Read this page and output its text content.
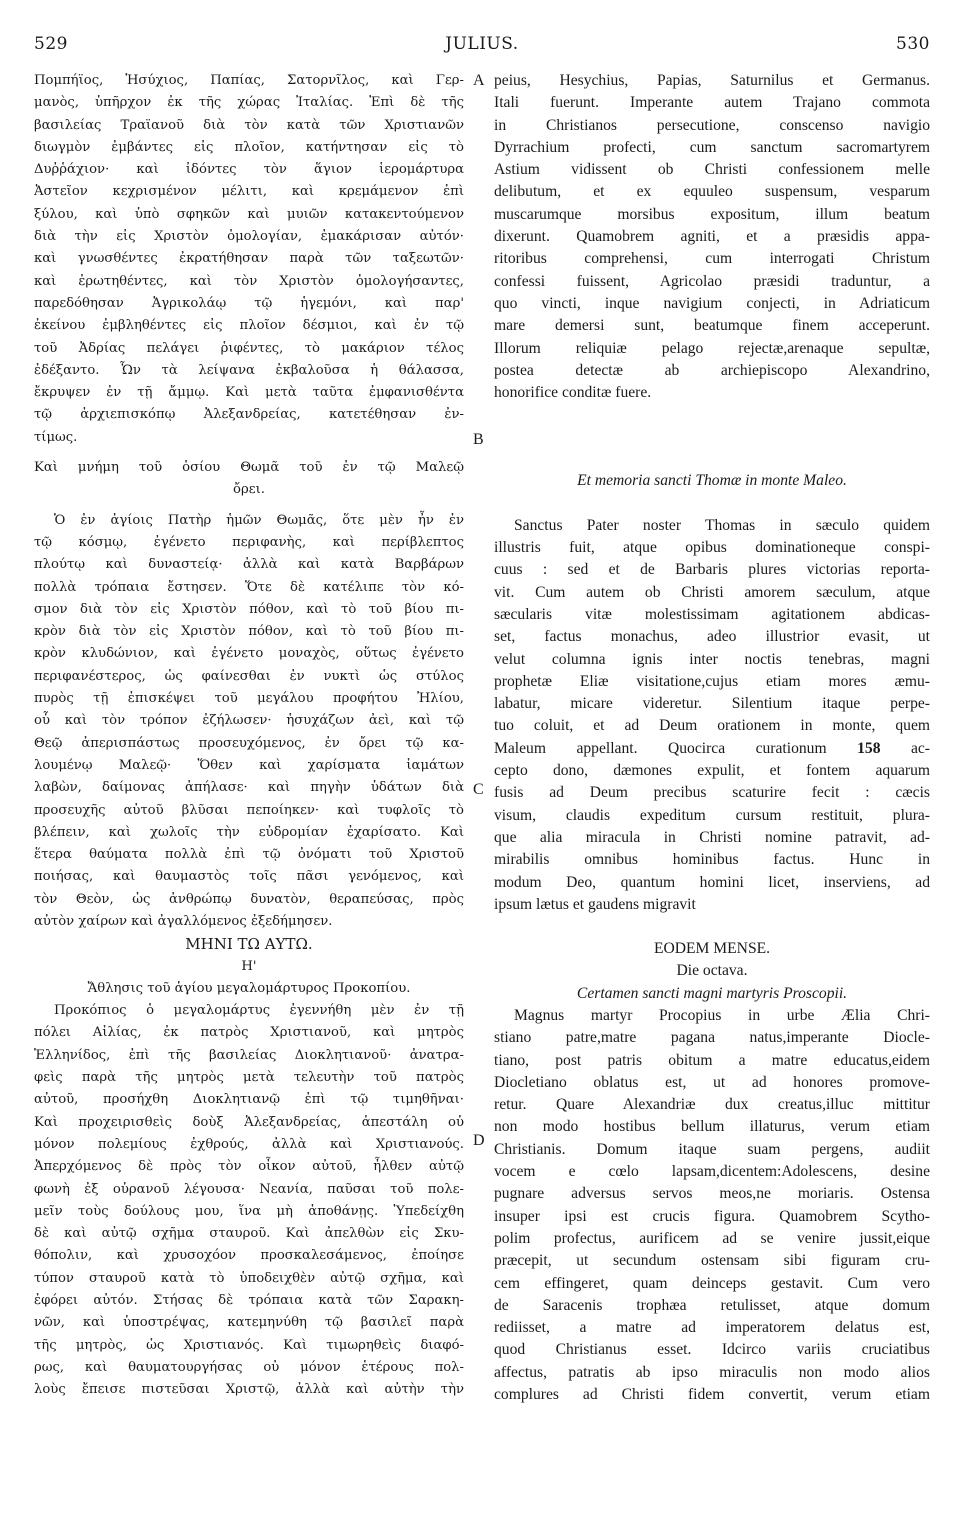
529	JULIUS.	530
A
B
C
D
Πομπήϊος, Ἡσύχιος, Παπίας, Σατορνῖλος, καὶ Γερ-
μανὸς, ὑπῆρχον ἐκ τῆς χώρας Ἰταλίας. Ἐπὶ δὲ τῆς
βασιλείας Τραϊανοῦ διὰ τὸν κατὰ τῶν Χριστιανῶν
διωγμὸν ἐμβάντες εἰς πλοῖον, κατήντησαν εἰς τὸ
Δυῤῥάχιον· καὶ ἰδόντες τὸν ἅγιον ἱερομάρτυρα
Ἀστεῖον κεχρισμένον μέλιτι, καὶ κρεμάμενον ἐπὶ
ξύλου, καὶ ὑπὸ σφηκῶν καὶ μυιῶν κατακεντούμενον
διὰ τὴν εἰς Χριστὸν ὁμολογίαν, ἐμακάρισαν αὐτόν·
καὶ γνωσθέντες ἐκρατήθησαν παρὰ τῶν ταξεωτῶν·
καὶ ἐρωτηθέντες, καὶ τὸν Χριστὸν ὁμολογήσαντες,
παρεδόθησαν Ἀγρικολάῳ τῷ ἡγεμόνι, καὶ παρ'
ἐκείνου ἐμβληθέντες εἰς πλοῖον δέσμιοι, καὶ ἐν τῷ
τοῦ Ἀδρίας πελάγει ῥιφέντες, τὸ μακάριον τέλος
ἐδέξαντο. Ὧν τὰ λείψανα ἐκβαλοῦσα ἡ θάλασσα,
ἔκρυψεν ἐν τῇ ἄμμῳ. Καὶ μετὰ ταῦτα ἐμφανισθέντα
τῷ ἀρχιεπισκόπῳ Ἀλεξανδρείας, κατετέθησαν ἐν-
τίμως.
Καὶ μνήμη τοῦ ὁσίου Θωμᾶ τοῦ ἐν τῷ Μαλεῷ
ὄρει.
Ὁ ἐν ἁγίοις Πατὴρ ἡμῶν Θωμᾶς, ὅτε μὲν ἦν ἐν
τῷ κόσμῳ, ἐγένετο περιφανὴς, καὶ περίβλεπτος
πλούτῳ καὶ δυναστείᾳ· ἀλλὰ καὶ κατὰ Βαρβάρων
πολλὰ τρόπαια ἔστησεν. Ὅτε δὲ κατέλιπε τὸν κό-
σμον διὰ τὸν εἰς Χριστὸν πόθον, καὶ τὸ τοῦ βίου πι-
κρὸν διὰ τὸν εἰς Χριστὸν πόθον, καὶ τὸ τοῦ βίου πι-
κρὸν κλυδώνιον, καὶ ἐγένετο μοναχὸς, οὕτως ἐγένετο
περιφανέστερος, ὡς φαίνεσθαι ἐν νυκτὶ ὡς στύλος
πυρὸς τῇ ἐπισκέψει τοῦ μεγάλου προφήτου Ἠλίου,
οὗ καὶ τὸν τρόπον ἐζήλωσεν· ἡσυχάζων ἀεὶ, καὶ τῷ
Θεῷ ἀπερισπάστως προσευχόμενος, ἐν ὄρει τῷ κα-
λουμένῳ Μαλεῷ· Ὅθεν καὶ χαρίσματα ἰαμάτων
λαβὼν, δαίμονας ἀπήλασε· καὶ πηγὴν ὑδάτων διὰ
προσευχῆς αὐτοῦ βλῦσαι πεποίηκεν· καὶ τυφλοῖς τὸ
βλέπειν, καὶ χωλοῖς τὴν εὐδρομίαν ἐχαρίσατο. Καὶ
ἕτερα θαύματα πολλὰ ἐπὶ τῷ ὀνόματι τοῦ Χριστοῦ
ποιήσας, καὶ θαυμαστὸς τοῖς πᾶσι γενόμενος, καὶ
τὸν Θεὸν, ὡς ἀνθρώπῳ δυνατὸν, θεραπεύσας, πρὸς
αὐτὸν χαίρων καὶ ἀγαλλόμενος ἐξεδήμησεν.
ΜΗΝΙ ΤΩ ΑΥΤΩ.
Η'
Ἄθλησις τοῦ ἁγίου μεγαλομάρτυρος Προκοπίου.
Προκόπιος ὁ μεγαλομάρτυς ἐγεννήθη μὲν ἐν τῇ
πόλει Αἰλίας, ἐκ πατρὸς Χριστιανοῦ, καὶ μητρὸς
Ἑλληνίδος, ἐπὶ τῆς βασιλείας Διοκλητιανοῦ· ἀνατρα-
φεὶς παρὰ τῆς μητρὸς μετὰ τελευτὴν τοῦ πατρὸς
αὐτοῦ, προσήχθη Διοκλητιανῷ ἐπὶ τῷ τιμηθῆναι·
Καὶ προχειρισθεὶς δοὺξ Ἀλεξανδρείας, ἀπεστάλη οὐ
μόνον πολεμίους ἐχθρούς, ἀλλὰ καὶ Χριστιανούς.
Ἀπερχόμενος δὲ πρὸς τὸν οἶκον αὐτοῦ, ἦλθεν αὐτῷ
φωνὴ ἐξ οὐρανοῦ λέγουσα· Νεανία, παῦσαι τοῦ πολε-
μεῖν τοὺς δούλους μου, ἵνα μὴ ἀποθάνῃς. Ὑπεδείχθη
δὲ καὶ αὐτῷ σχῆμα σταυροῦ. Καὶ ἀπελθὼν εἰς Σκυ-
θόπολιν, καὶ χρυσοχόον προσκαλεσάμενος, ἐποίησε
τύπον σταυροῦ κατὰ τὸ ὑποδειχθὲν αὐτῷ σχῆμα, καὶ
ἐφόρει αὐτόν. Στήσας δὲ τρόπαια κατὰ τῶν Σαρακη-
νῶν, καὶ ὑποστρέψας, κατεμηνύθη τῷ βασιλεῖ παρὰ
τῆς μητρὸς, ὡς Χριστιανός. Καὶ τιμωρηθεὶς διαφό-
ρως, καὶ θαυματουργήσας οὐ μόνον ἑτέρους πολ-
λοὺς ἔπεισε πιστεῦσαι Χριστῷ, ἀλλὰ καὶ αὐτὴν τὴν
peius, Hesychius, Papias, Saturnilus et Germanus.
Itali fuerunt. Imperante autem Trajano commota
in Christianos persecutione, conscenso navigio
Dyrrachium profecti, cum sanctum sacromartyrem
Astium vidissent ob Christi confessionem melle
delibutum, et ex equuleo suspensum, vesparum
muscarumque morsibus expositum, illum beatum
dixerunt. Quamobrem agniti, et a præsidis appa-
ritoribus comprehensi, cum interrogati Christum
confessi fuissent, Agricolao præsidi traduntur, a
quo vincti, inque navigium conjecti, in Adriaticum
mare demersi sunt, beatumque finem acceperunt.
Illorum reliquiæ pelago rejectæ,arenaque sepultæ,
postea detectæ ab archiepiscopo Alexandrino,
honorifice conditæ fuere.
Et memoria sancti Thomæ in monte Maleo.
Sanctus Pater noster Thomas in sæculo quidem
illustris fuit, atque opibus dominationeque conspi-
cuus : sed et de Barbaris plures victorias reporta-
vit. Cum autem ob Christi amorem sæculum, atque
sæcularis vitæ molestissimam agitationem abdicas-
set, factus monachus, adeo illustrior evasit, ut
velut columna ignis inter noctis tenebras, magni
prophetæ Eliæ visitatione,cujus etiam mores æmu-
labatur, micare videretur. Silentium itaque perpe-
tuo coluit, et ad Deum orationem in monte, quem
Maleum appellant. Quocirca curationum 158 ac-
cepto dono, dæmones expulit, et fontem aquarum
fusis ad Deum precibus scaturire fecit : cæcis
visum, claudis expeditum cursum restituit, plura-
que alia miracula in Christi nomine patravit, ad-
mirabilis omnibus hominibus factus. Hunc in
modum Deo, quantum homini licet, inserviens, ad
ipsum lætus et gaudens migravit
EODEM MENSE.
Die octava.
Certamen sancti magni martyris Proscopii.
Magnus martyr Procopius in urbe Ælia Chri-
stiano patre,matre pagana natus,imperante Diocle-
tiano, post patris obitum a matre educatus,eidem
Diocletiano oblatus est, ut ad honores promove-
retur. Quare Alexandriæ dux creatus,illuc mittitur
non modo hostibus bellum illaturus, verum etiam
Christianis. Domum itaque suam pergens, audiit
vocem e cœlo lapsam,dicentem:Adolescens, desine
pugnare adversus servos meos,ne moriaris. Ostensa
insuper ipsi est crucis figura. Quamobrem Scytho-
polim profectus, aurificem ad se venire jussit,eique
præcepit, ut secundum ostensam sibi figuram cru-
cem effingeret, quam deinceps gestavit. Cum vero
de Saracenis trophæa retulisset, atque domum
rediisset, a matre ad imperatorem delatus est,
quod Christianus esset. Idcirco variis cruciatibus
affectus, patratis ab ipso miraculis non modo alios
complures ad Christi fidem convertit, verum etiam
